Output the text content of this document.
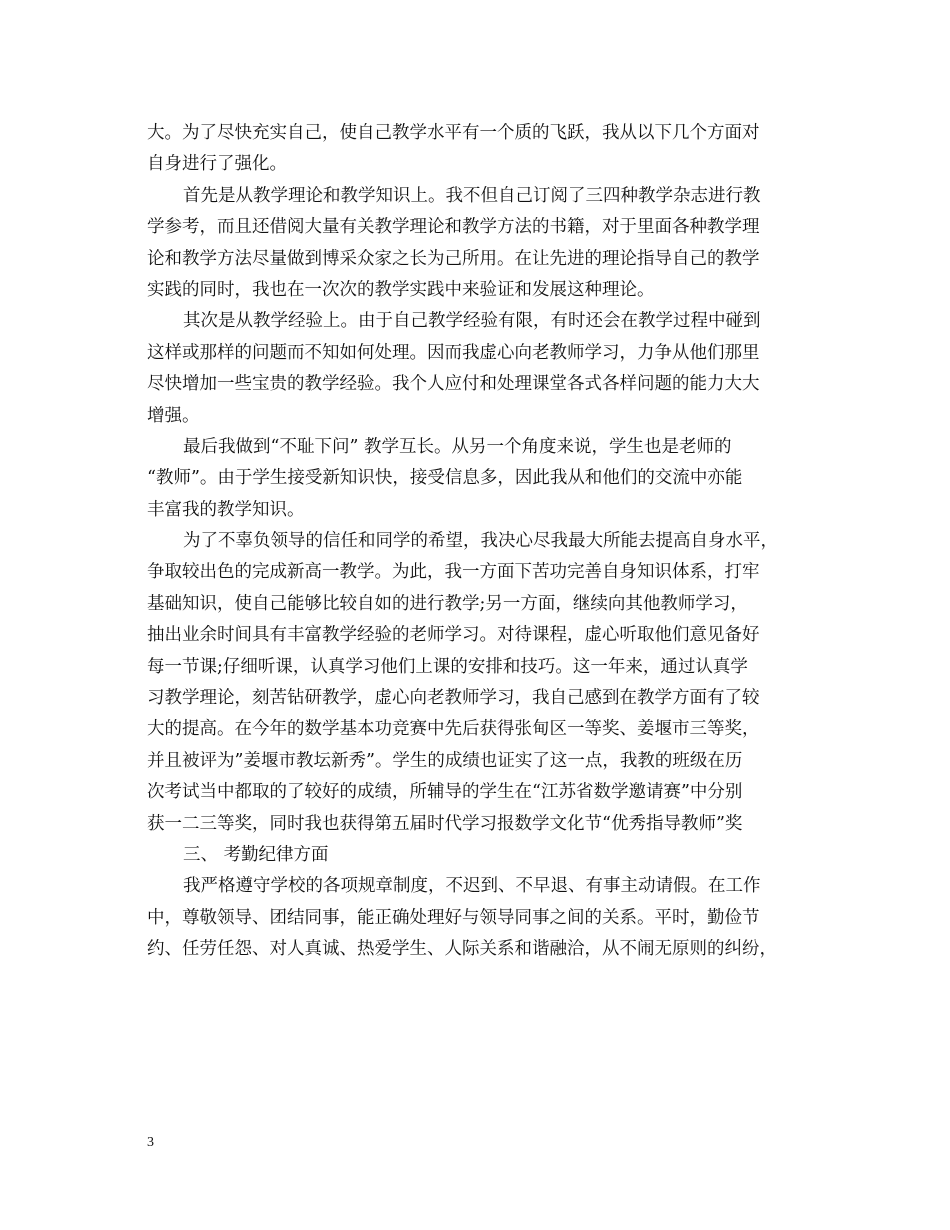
大。为了尽快充实自己，使自己教学水平有一个质的飞跃，我从以下几个方面对
自身进行了强化。
首先是从教学理论和教学知识上。我不但自己订阅了三四种教学杂志进行教
学参考，而且还借阅大量有关教学理论和教学方法的书籍，对于里面各种教学理
论和教学方法尽量做到博采众家之长为己所用。在让先进的理论指导自己的教学
实践的同时，我也在一次次的教学实践中来验证和发展这种理论。
其次是从教学经验上。由于自己教学经验有限，有时还会在教学过程中碰到
这样或那样的问题而不知如何处理。因而我虚心向老教师学习，力争从他们那里
尽快增加一些宝贵的教学经验。我个人应付和处理课堂各式各样问题的能力大大
增强。
最后我做到“不耻下问” 教学互长。从另一个角度来说，学生也是老师的
“教师”。由于学生接受新知识快，接受信息多，因此我从和他们的交流中亦能
丰富我的教学知识。
为了不辜负领导的信任和同学的希望，我决心尽我最大所能去提高自身水平，
争取较出色的完成新高一教学。为此，我一方面下苦功完善自身知识体系，打牢
基础知识，使自己能够比较自如的进行教学;另一方面，继续向其他教师学习，
抽出业余时间具有丰富教学经验的老师学习。对待课程，虚心听取他们意见备好
每一节课;仔细听课，认真学习他们上课的安排和技巧。这一年来，通过认真学
习教学理论，刻苦钻研教学，虚心向老教师学习，我自己感到在教学方面有了较
大的提高。在今年的数学基本功竞赛中先后获得张甸区一等奖、姜堰市三等奖，
并且被评为”姜堰市教坛新秀”。学生的成绩也证实了这一点，我教的班级在历
次考试当中都取的了较好的成绩，所辅导的学生在“江苏省数学邀请赛”中分别
获一二三等奖，同时我也获得第五届时代学习报数学文化节“优秀指导教师”奖
三、 考勤纪律方面
我严格遵守学校的各项规章制度，不迟到、不早退、有事主动请假。在工作
中，尊敬领导、团结同事，能正确处理好与领导同事之间的关系。平时，勤俭节
约、任劳任怨、对人真诚、热爱学生、人际关系和谐融洽，从不闹无原则的纠纷，
3
